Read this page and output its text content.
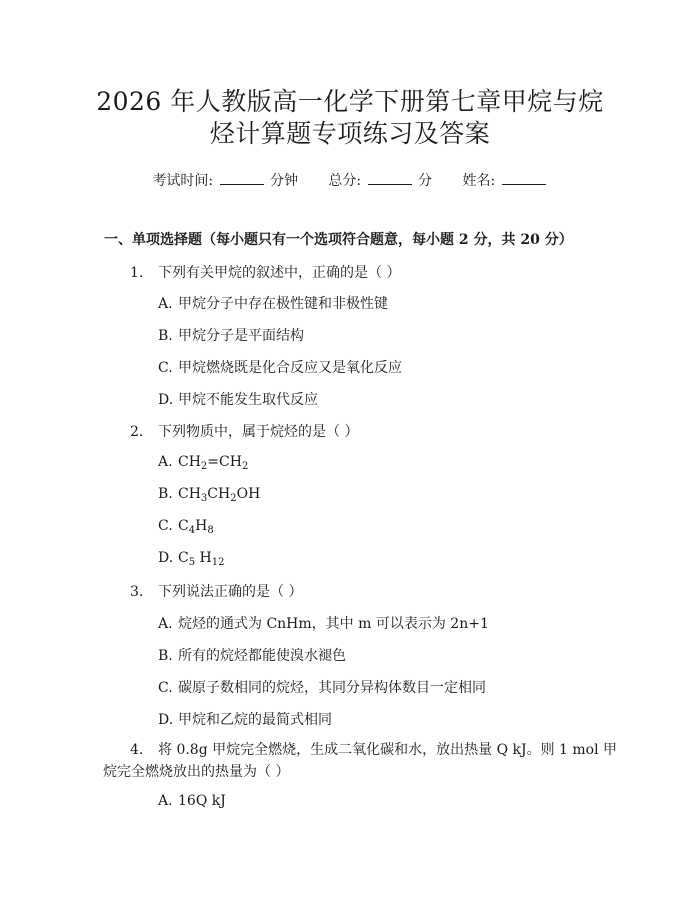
2026 年人教版高一化学下册第七章甲烷与烷
烃计算题专项练习及答案
考试时间:	分钟 总分:	分 姓名:
一、单项选择题（每小题只有一个选项符合题意，每小题 2 分，共 20 分）
1. 下列有关甲烷的叙述中，正确的是（ ）
A. 甲烷分子中存在极性键和非极性键
B. 甲烷分子是平面结构
C. 甲烷燃烧既是化合反应又是氧化反应
D. 甲烷不能发生取代反应
2. 下列物质中，属于烷烃的是（ ）
A. $CH_2=CH_2$
B. $CH_3CH_2OH$
C. $C_4H_8$
D. $C_5$ $H_{12}$
3. 下列说法正确的是（ ）
A. 烷烃的通式为 CnHm，其中 m 可以表示为 2n+1
B. 所有的烷烃都能使溴水褪色
C. 碳原子数相同的烷烃，其同分异构体数目一定相同
D. 甲烷和乙烷的最简式相同
4. 将 0.8g 甲烷完全燃烧，生成二氧化碳和水，放出热量 Q kJ。则 1 mol 甲
烷完全燃烧放出的热量为（ ）
A. 16Q kJ
